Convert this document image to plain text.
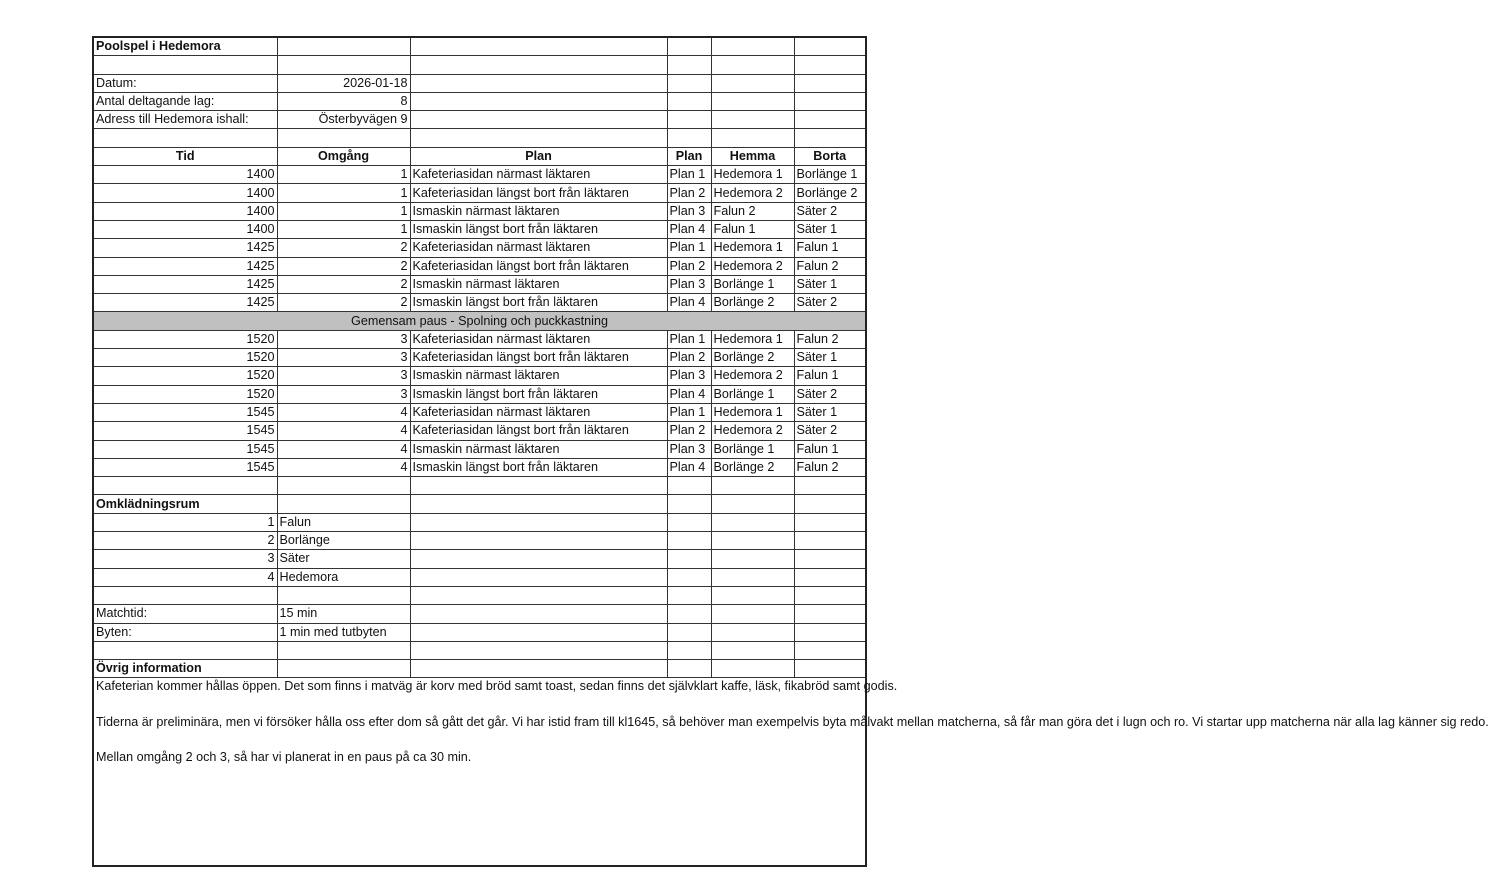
Poolspel i Hedemora					

Datum:	2026-01-18				
Antal deltagande lag:	8				
Adress till Hedemora ishall:	Österbyvägen 9				

Tid	Omgång	Plan	Plan	Hemma	Borta
1400	1	Kafeteriasidan närmast läktaren	Plan 1	Hedemora 1	Borlänge 1
1400	1	Kafeteriasidan längst bort från läktaren	Plan 2	Hedemora 2	Borlänge 2
1400	1	Ismaskin närmast läktaren	Plan 3	Falun 2	Säter 2
1400	1	Ismaskin längst bort från läktaren	Plan 4	Falun 1	Säter 1
1425	2	Kafeteriasidan närmast läktaren	Plan 1	Hedemora 1	Falun 1
1425	2	Kafeteriasidan längst bort från läktaren	Plan 2	Hedemora 2	Falun 2
1425	2	Ismaskin närmast läktaren	Plan 3	Borlänge 1	Säter 1
1425	2	Ismaskin längst bort från läktaren	Plan 4	Borlänge 2	Säter 2
Gemensam paus - Spolning och puckkastning					
1520	3	Kafeteriasidan närmast läktaren	Plan 1	Hedemora 1	Falun 2
1520	3	Kafeteriasidan längst bort från läktaren	Plan 2	Borlänge 2	Säter 1
1520	3	Ismaskin närmast läktaren	Plan 3	Hedemora 2	Falun 1
1520	3	Ismaskin längst bort från läktaren	Plan 4	Borlänge 1	Säter 2
1545	4	Kafeteriasidan närmast läktaren	Plan 1	Hedemora 1	Säter 1
1545	4	Kafeteriasidan längst bort från läktaren	Plan 2	Hedemora 2	Säter 2
1545	4	Ismaskin närmast läktaren	Plan 3	Borlänge 1	Falun 1
1545	4	Ismaskin längst bort från läktaren	Plan 4	Borlänge 2	Falun 2

Omklädningsrum					
1	Falun				
2	Borlänge				
3	Säter				
4	Hedemora				

Matchtid:	15 min				
Byten:	1 min med tutbyten				

Övrig information					

Kafeterian kommer hållas öppen. Det som finns i matväg är korv med bröd samt toast, sedan finns det självklart kaffe, läsk, fikabröd samt godis.

Tiderna är preliminära, men vi försöker hålla oss efter dom så gått det går. Vi har istid fram till kl1645, så behöver man exempelvis byta målvakt mellan matcherna, så får man göra det i lugn och ro. Vi startar upp matcherna när alla lag känner sig redo.

Mellan omgång 2 och 3, så har vi planerat in en paus på ca 30 min.					
